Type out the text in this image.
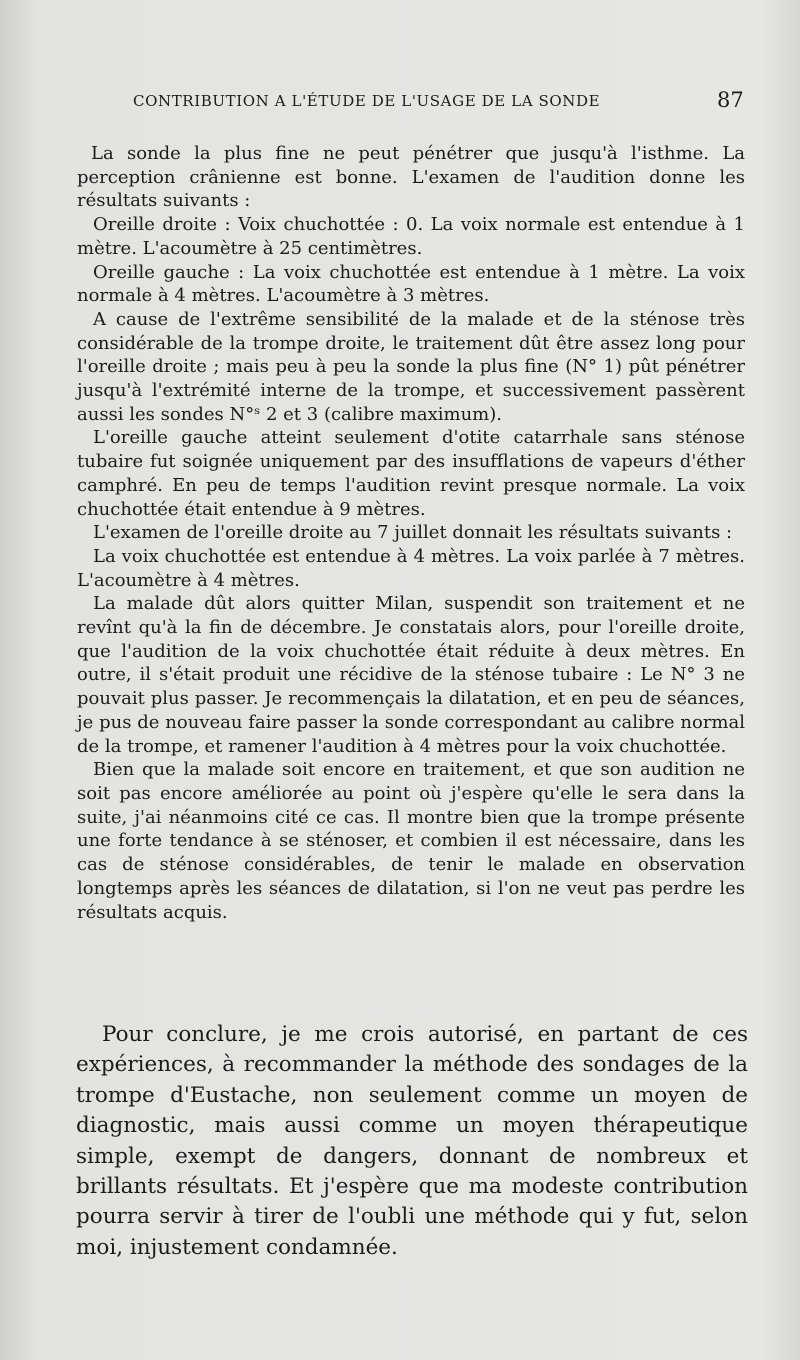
CONTRIBUTION A L'ÉTUDE DE L'USAGE DE LA SONDE	87

La sonde la plus fine ne peut pénétrer que jusqu'à l'isthme. La perception crânienne est bonne. L'examen de l'audition donne les résultats suivants :

Oreille droite : Voix chuchottée : 0. La voix normale est entendue à 1 mètre. L'acoumètre à 25 centimètres.

Oreille gauche : La voix chuchottée est entendue à 1 mètre. La voix normale à 4 mètres. L'acoumètre à 3 mètres.

A cause de l'extrême sensibilité de la malade et de la sténose très considérable de la trompe droite, le traitement dût être assez long pour l'oreille droite ; mais peu à peu la sonde la plus fine (N° 1) pût pénétrer jusqu'à l'extrémité interne de la trompe, et successivement passèrent aussi les sondes N°ˢ 2 et 3 (calibre maximum).

L'oreille gauche atteint seulement d'otite catarrhale sans sténose tubaire fut soignée uniquement par des insufflations de vapeurs d'éther camphré. En peu de temps l'audition revint presque normale. La voix chuchottée était entendue à 9 mètres.

L'examen de l'oreille droite au 7 juillet donnait les résultats suivants :

La voix chuchottée est entendue à 4 mètres. La voix parlée à 7 mètres. L'acoumètre à 4 mètres.

La malade dût alors quitter Milan, suspendit son traitement et ne revînt qu'à la fin de décembre. Je constatais alors, pour l'oreille droite, que l'audition de la voix chuchottée était réduite à deux mètres. En outre, il s'était produit une récidive de la sténose tubaire : Le N° 3 ne pouvait plus passer. Je recommençais la dilatation, et en peu de séances, je pus de nouveau faire passer la sonde correspondant au calibre normal de la trompe, et ramener l'audition à 4 mètres pour la voix chuchottée.

Bien que la malade soit encore en traitement, et que son audition ne soit pas encore améliorée au point où j'espère qu'elle le sera dans la suite, j'ai néanmoins cité ce cas. Il montre bien que la trompe présente une forte tendance à se sténoser, et combien il est nécessaire, dans les cas de sténose considérables, de tenir le malade en observation longtemps après les séances de dilatation, si l'on ne veut pas perdre les résultats acquis.

Pour conclure, je me crois autorisé, en partant de ces expériences, à recommander la méthode des sondages de la trompe d'Eustache, non seulement comme un moyen de diagnostic, mais aussi comme un moyen thérapeutique simple, exempt de dangers, donnant de nombreux et brillants résultats. Et j'espère que ma modeste contribution pourra servir à tirer de l'oubli une méthode qui y fut, selon moi, injustement condamnée.
